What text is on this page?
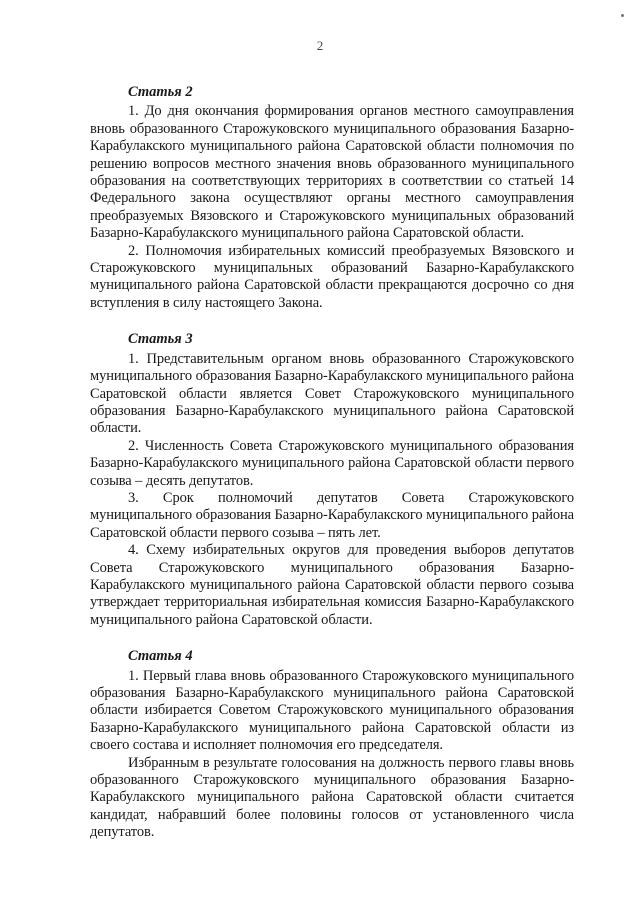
2

Статья 2

1. До дня окончания формирования органов местного самоуправления вновь образованного Старожуковского муниципального образования Базарно-Карабулакского муниципального района Саратовской области полномочия по решению вопросов местного значения вновь образованного муниципального образования на соответствующих территориях в соответствии со статьей 14 Федерального закона осуществляют органы местного самоуправления преобразуемых Вязовского и Старожуковского муниципальных образований Базарно-Карабулакского муниципального района Саратовской области.

2. Полномочия избирательных комиссий преобразуемых Вязовского и Старожуковского муниципальных образований Базарно-Карабулакского муниципального района Саратовской области прекращаются досрочно со дня вступления в силу настоящего Закона.

Статья 3

1. Представительным органом вновь образованного Старожуковского муниципального образования Базарно-Карабулакского муниципального района Саратовской области является Совет Старожуковского муниципального образования Базарно-Карабулакского муниципального района Саратовской области.

2. Численность Совета Старожуковского муниципального образования Базарно-Карабулакского муниципального района Саратовской области первого созыва – десять депутатов.

3. Срок полномочий депутатов Совета Старожуковского муниципального образования Базарно-Карабулакского муниципального района Саратовской области первого созыва – пять лет.

4. Схему избирательных округов для проведения выборов депутатов Совета Старожуковского муниципального образования Базарно-Карабулакского муниципального района Саратовской области первого созыва утверждает территориальная избирательная комиссия Базарно-Карабулакского муниципального района Саратовской области.

Статья 4

1. Первый глава вновь образованного Старожуковского муниципального образования Базарно-Карабулакского муниципального района Саратовской области избирается Советом Старожуковского муниципального образования Базарно-Карабулакского муниципального района Саратовской области из своего состава и исполняет полномочия его председателя.

Избранным в результате голосования на должность первого главы вновь образованного Старожуковского муниципального образования Базарно-Карабулакского муниципального района Саратовской области считается кандидат, набравший более половины голосов от установленного числа депутатов.
